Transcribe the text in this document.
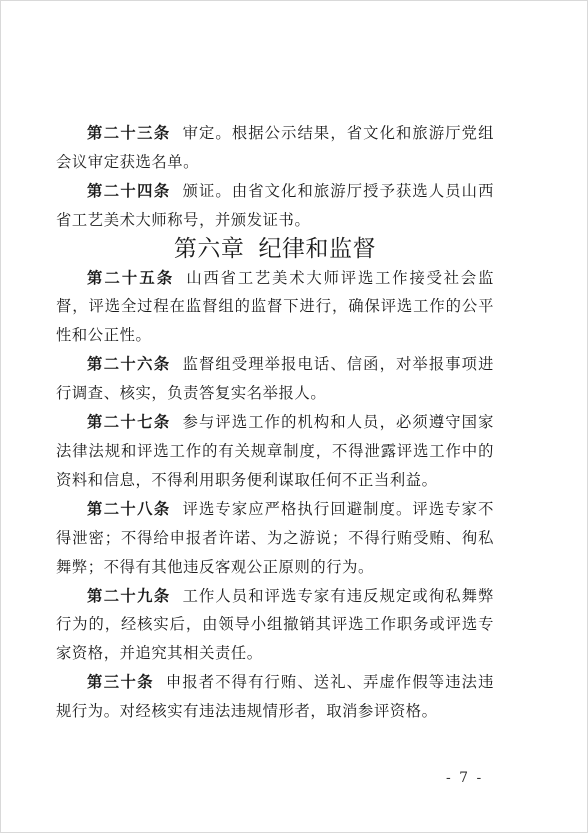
第二十三条 审定。根据公示结果，省文化和旅游厅党组会议审定获选名单。

第二十四条 颁证。由省文化和旅游厅授予获选人员山西省工艺美术大师称号，并颁发证书。

第六章 纪律和监督

第二十五条 山西省工艺美术大师评选工作接受社会监督，评选全过程在监督组的监督下进行，确保评选工作的公平性和公正性。

第二十六条 监督组受理举报电话、信函，对举报事项进行调查、核实，负责答复实名举报人。

第二十七条 参与评选工作的机构和人员，必须遵守国家法律法规和评选工作的有关规章制度，不得泄露评选工作中的资料和信息，不得利用职务便利谋取任何不正当利益。

第二十八条 评选专家应严格执行回避制度。评选专家不得泄密；不得给申报者许诺、为之游说；不得行贿受贿、徇私舞弊；不得有其他违反客观公正原则的行为。

第二十九条 工作人员和评选专家有违反规定或徇私舞弊行为的，经核实后，由领导小组撤销其评选工作职务或评选专家资格，并追究其相关责任。

第三十条 申报者不得有行贿、送礼、弄虚作假等违法违规行为。对经核实有违法违规情形者，取消参评资格。

- 7 -
